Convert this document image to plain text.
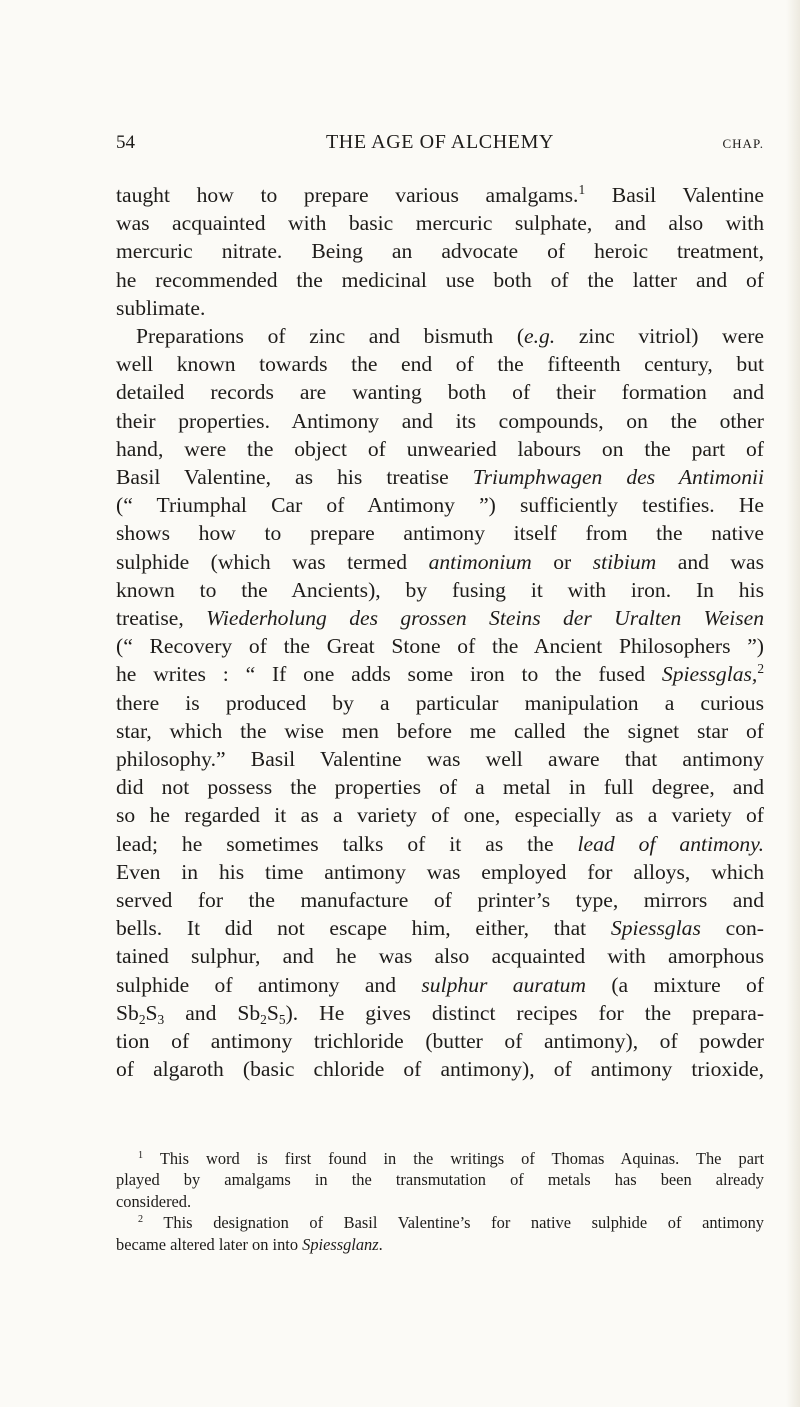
54	THE AGE OF ALCHEMY	CHAP.
taught how to prepare various amalgams.$^1$ Basil Valentine
was acquainted with basic mercuric sulphate, and also with
mercuric nitrate. Being an advocate of heroic treatment,
he recommended the medicinal use both of the latter and of
sublimate.
Preparations of zinc and bismuth (e.g. zinc vitriol) were
well known towards the end of the fifteenth century, but
detailed records are wanting both of their formation and
their properties. Antimony and its compounds, on the other
hand, were the object of unwearied labours on the part of
Basil Valentine, as his treatise Triumphwagen des Antimonii
(“ Triumphal Car of Antimony ”) sufficiently testifies. He
shows how to prepare antimony itself from the native
sulphide (which was termed antimonium or stibium and was
known to the Ancients), by fusing it with iron. In his
treatise, Wiederholung des grossen Steins der Uralten Weisen
(“ Recovery of the Great Stone of the Ancient Philosophers ”)
he writes : “ If one adds some iron to the fused Spiessglas,$^2$
there is produced by a particular manipulation a curious
star, which the wise men before me called the signet star of
philosophy.” Basil Valentine was well aware that antimony
did not possess the properties of a metal in full degree, and
so he regarded it as a variety of one, especially as a variety of
lead; he sometimes talks of it as the lead of antimony.
Even in his time antimony was employed for alloys, which
served for the manufacture of printer’s type, mirrors and
bells. It did not escape him, either, that Spiessglas con-
tained sulphur, and he was also acquainted with amorphous
sulphide of antimony and sulphur auratum (a mixture of
$Sb_2S_3$ and $Sb_2S_5$). He gives distinct recipes for the prepara-
tion of antimony trichloride (butter of antimony), of powder
of algaroth (basic chloride of antimony), of antimony trioxide,
$^1$ This word is first found in the writings of Thomas Aquinas. The part
played by amalgams in the transmutation of metals has been already
considered.
$^2$ This designation of Basil Valentine’s for native sulphide of antimony
became altered later on into Spiessglanz.
